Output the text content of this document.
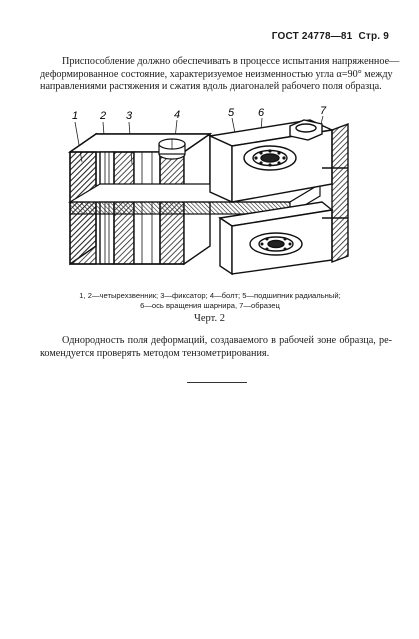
ГОСТ 24778—81 Стр. 9
Приспособление должно обеспечивать в процессе испытания напряженное—
деформированное состояние, характеризуемое неизменностью угла α=90° между
направлениями растяжения и сжатия вдоль диагоналей рабочего поля образца.
1 2 3	4	5 6	7
1, 2—четырехзвенник; 3—фиксатор; 4—болт; 5—подшипник радиальный;
6—ось вращения шарнира, 7—образец
Черт. 2
Однородность поля деформаций, создаваемого в рабочей зоне образца, ре-
комендуется проверять методом тензометрирования.
